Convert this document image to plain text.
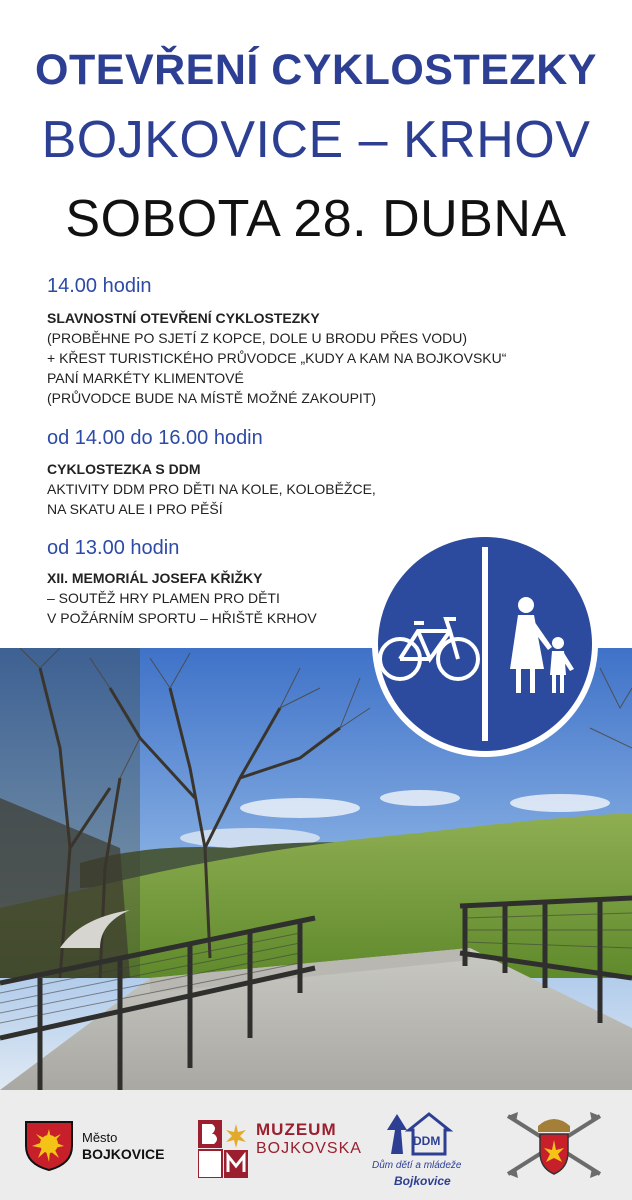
OTEVŘENÍ CYKLOSTEZKY
BOJKOVICE – KRHOV
SOBOTA 28. DUBNA
14.00 hodin
SLAVNOSTNÍ OTEVŘENÍ CYKLOSTEZKY
(PROBĚHNE PO SJETÍ Z KOPCE, DOLE U BRODU PŘES VODU)
+ KŘEST TURISTICKÉHO PRŮVODCE „KUDY A KAM NA BOJKOVSKU“
PANÍ MARKÉTY KLIMENTOVÉ
(PRŮVODCE BUDE NA MÍSTĚ MOŽNÉ ZAKOUPIT)
od 14.00 do 16.00 hodin
CYKLOSTEZKA S DDM
AKTIVITY DDM PRO DĚTI NA KOLE, KOLOBĚŽCE,
NA SKATU ALE I PRO PĚŠÍ
od 13.00 hodin
XII. MEMORIÁL JOSEFA KŘIŽKY
– SOUTĚŽ HRY PLAMEN PRO DĚTI
V POŽÁRNÍM SPORTU – HŘIŠTĚ KRHOV
Město
BOJKOVICE
MUZEUM
BOJKOVSKA	DDM
Dům dětí a mládeže
Bojkovice
